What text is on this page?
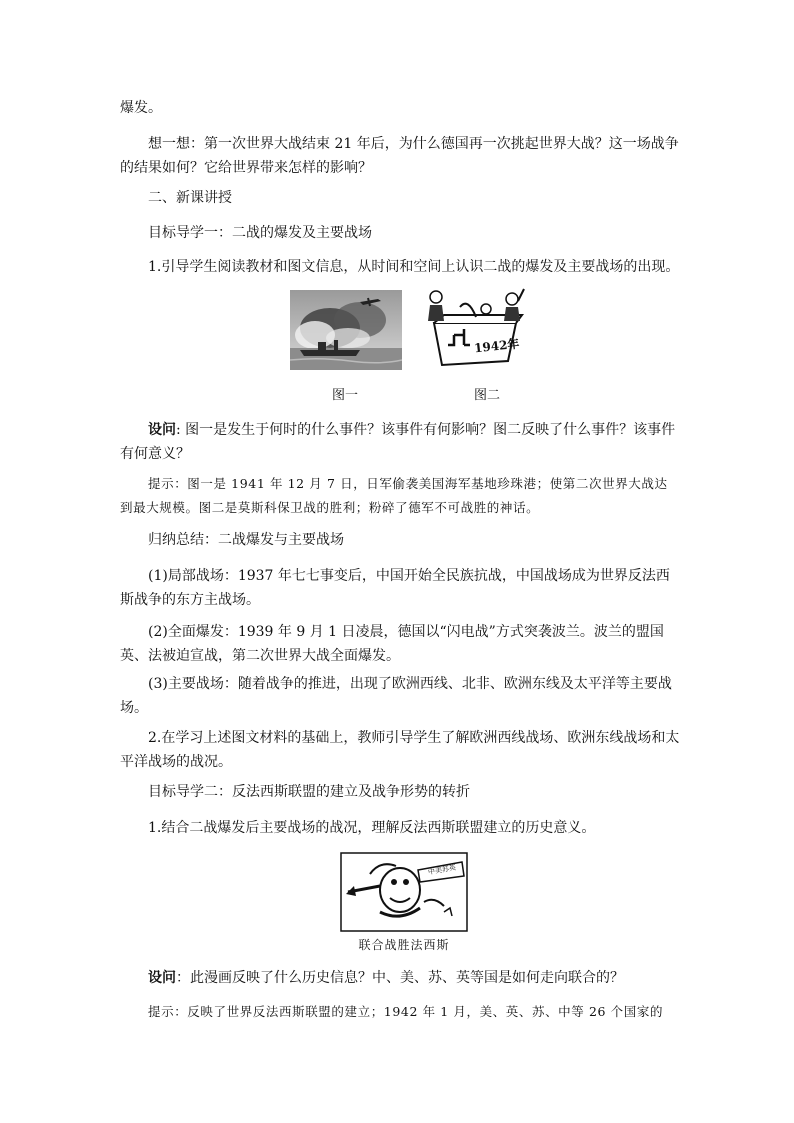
爆发。

想一想：第一次世界大战结束 21 年后，为什么德国再一次挑起世界大战？这一场战争的结果如何？它给世界带来怎样的影响？

二、新课讲授

目标导学一：二战的爆发及主要战场

1.引导学生阅读教材和图文信息，从时间和空间上认识二战的爆发及主要战场的出现。

图一
1942年
图二

设问: 图一是发生于何时的什么事件？该事件有何影响？图二反映了什么事件？该事件有何意义？

提示：图一是 1941 年 12 月 7 日，日军偷袭美国海军基地珍珠港；使第二次世界大战达到最大规模。图二是莫斯科保卫战的胜利；粉碎了德军不可战胜的神话。

归纳总结：二战爆发与主要战场

(1)局部战场：1937 年七七事变后，中国开始全民族抗战，中国战场成为世界反法西斯战争的东方主战场。

(2)全面爆发：1939 年 9 月 1 日凌晨，德国以“闪电战”方式突袭波兰。波兰的盟国英、法被迫宣战，第二次世界大战全面爆发。

(3)主要战场：随着战争的推进，出现了欧洲西线、北非、欧洲东线及太平洋等主要战场。

2.在学习上述图文材料的基础上，教师引导学生了解欧洲西线战场、欧洲东线战场和太平洋战场的战况。

目标导学二：反法西斯联盟的建立及战争形势的转折

1.结合二战爆发后主要战场的战况，理解反法西斯联盟建立的历史意义。

中美苏英
联合战胜法西斯

设问：此漫画反映了什么历史信息？中、美、苏、英等国是如何走向联合的？

提示：反映了世界反法西斯联盟的建立；1942 年 1 月，美、英、苏、中等 26 个国家的
